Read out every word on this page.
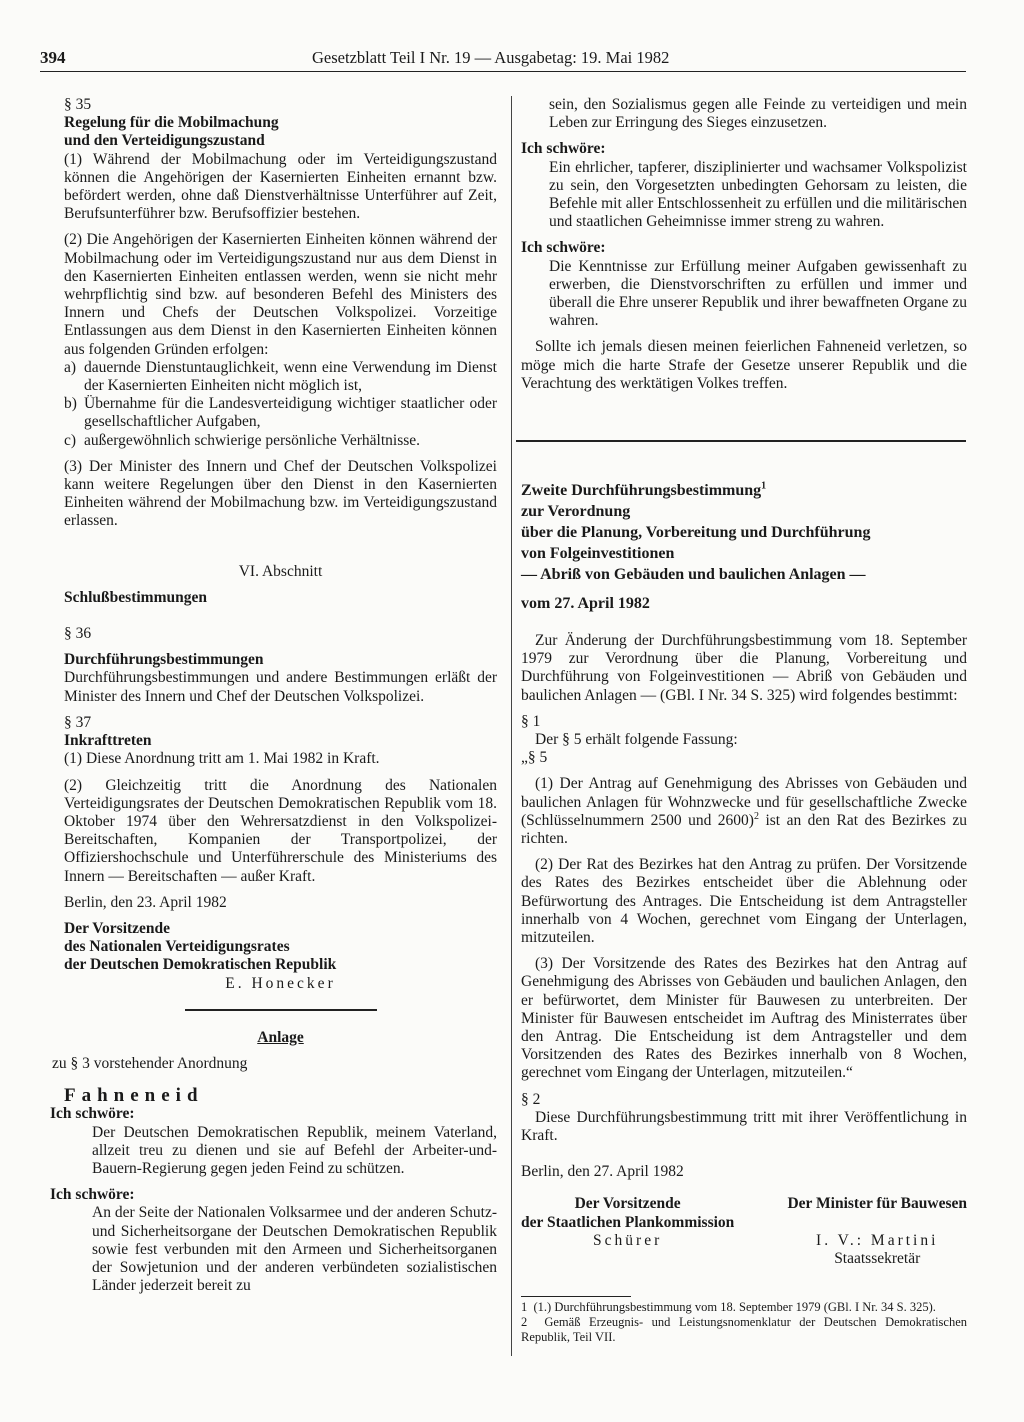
394	Gesetzblatt Teil I Nr. 19 — Ausgabetag: 19. Mai 1982

§ 35

Regelung für die Mobilmachung

und den Verteidigungszustand

(1) Während der Mobilmachung oder im Verteidigungszustand können die Angehörigen der Kasernierten Einheiten ernannt bzw. befördert werden, ohne daß Dienstverhältnisse Unterführer auf Zeit, Berufsunterführer bzw. Berufsoffizier bestehen.

(2) Die Angehörigen der Kasernierten Einheiten können während der Mobilmachung oder im Verteidigungszustand nur aus dem Dienst in den Kasernierten Einheiten entlassen werden, wenn sie nicht mehr wehrpflichtig sind bzw. auf besonderen Befehl des Ministers des Innern und Chefs der Deutschen Volkspolizei. Vorzeitige Entlassungen aus dem Dienst in den Kasernierten Einheiten können aus folgenden Gründen erfolgen:

a) dauernde Dienstuntauglichkeit, wenn eine Verwendung im Dienst der Kasernierten Einheiten nicht möglich ist,
b) Übernahme für die Landesverteidigung wichtiger staatlicher oder gesellschaftlicher Aufgaben,
c) außergewöhnlich schwierige persönliche Verhältnisse.

(3) Der Minister des Innern und Chef der Deutschen Volkspolizei kann weitere Regelungen über den Dienst in den Kasernierten Einheiten während der Mobilmachung bzw. im Verteidigungszustand erlassen.

VI. Abschnitt

Schlußbestimmungen

§ 36

Durchführungsbestimmungen

Durchführungsbestimmungen und andere Bestimmungen erläßt der Minister des Innern und Chef der Deutschen Volkspolizei.

§ 37

Inkrafttreten

(1) Diese Anordnung tritt am 1. Mai 1982 in Kraft.

(2) Gleichzeitig tritt die Anordnung des Nationalen Verteidigungsrates der Deutschen Demokratischen Republik vom 18. Oktober 1974 über den Wehrersatzdienst in den Volkspolizei-Bereitschaften, Kompanien der Transportpolizei, der Offiziershochschule und Unterführerschule des Ministeriums des Innern — Bereitschaften — außer Kraft.

Berlin, den 23. April 1982

Der Vorsitzende

des Nationalen Verteidigungsrates

der Deutschen Demokratischen Republik

E. Honecker

Anlage

zu § 3 vorstehender Anordnung

Fahneneid

Ich schwöre:

Der Deutschen Demokratischen Republik, meinem Vaterland, allzeit treu zu dienen und sie auf Befehl der Arbeiter-und-Bauern-Regierung gegen jeden Feind zu schützen.

Ich schwöre:

An der Seite der Nationalen Volksarmee und der anderen Schutz- und Sicherheitsorgane der Deutschen Demokratischen Republik sowie fest verbunden mit den Armeen und Sicherheitsorganen der Sowjetunion und der anderen verbündeten sozialistischen Länder jederzeit bereit zu

sein, den Sozialismus gegen alle Feinde zu verteidigen und mein Leben zur Erringung des Sieges einzusetzen.

Ich schwöre:

Ein ehrlicher, tapferer, disziplinierter und wachsamer Volkspolizist zu sein, den Vorgesetzten unbedingten Gehorsam zu leisten, die Befehle mit aller Entschlossenheit zu erfüllen und die militärischen und staatlichen Geheimnisse immer streng zu wahren.

Ich schwöre:

Die Kenntnisse zur Erfüllung meiner Aufgaben gewissenhaft zu erwerben, die Dienstvorschriften zu erfüllen und immer und überall die Ehre unserer Republik und ihrer bewaffneten Organe zu wahren.

Sollte ich jemals diesen meinen feierlichen Fahneneid verletzen, so möge mich die harte Strafe der Gesetze unserer Republik und die Verachtung des werktätigen Volkes treffen.

Zweite Durchführungsbestimmung$^1$

zur Verordnung

über die Planung, Vorbereitung und Durchführung

von Folgeinvestitionen

— Abriß von Gebäuden und baulichen Anlagen —

vom 27. April 1982

Zur Änderung der Durchführungsbestimmung vom 18. September 1979 zur Verordnung über die Planung, Vorbereitung und Durchführung von Folgeinvestitionen — Abriß von Gebäuden und baulichen Anlagen — (GBl. I Nr. 34 S. 325) wird folgendes bestimmt:

§ 1

Der § 5 erhält folgende Fassung:

„§ 5

(1) Der Antrag auf Genehmigung des Abrisses von Gebäuden und baulichen Anlagen für Wohnzwecke und für gesellschaftliche Zwecke (Schlüsselnummern 2500 und 2600)$^2$ ist an den Rat des Bezirkes zu richten.

(2) Der Rat des Bezirkes hat den Antrag zu prüfen. Der Vorsitzende des Rates des Bezirkes entscheidet über die Ablehnung oder Befürwortung des Antrages. Die Entscheidung ist dem Antragsteller innerhalb von 4 Wochen, gerechnet vom Eingang der Unterlagen, mitzuteilen.

(3) Der Vorsitzende des Rates des Bezirkes hat den Antrag auf Genehmigung des Abrisses von Gebäuden und baulichen Anlagen, den er befürwortet, dem Minister für Bauwesen zu unterbreiten. Der Minister für Bauwesen entscheidet im Auftrag des Ministerrates über den Antrag. Die Entscheidung ist dem Antragsteller und dem Vorsitzenden des Rates des Bezirkes innerhalb von 8 Wochen, gerechnet vom Eingang der Unterlagen, mitzuteilen.“

§ 2

Diese Durchführungsbestimmung tritt mit ihrer Veröffentlichung in Kraft.

Berlin, den 27. April 1982

Der Vorsitzende

der Staatlichen Plankommission

Schürer

Der Minister für Bauwesen

I. V.: Martini

Staatssekretär

1 (1.) Durchführungsbestimmung vom 18. September 1979 (GBl. I Nr. 34 S. 325).

2 Gemäß Erzeugnis- und Leistungsnomenklatur der Deutschen Demokratischen Republik, Teil VII.
